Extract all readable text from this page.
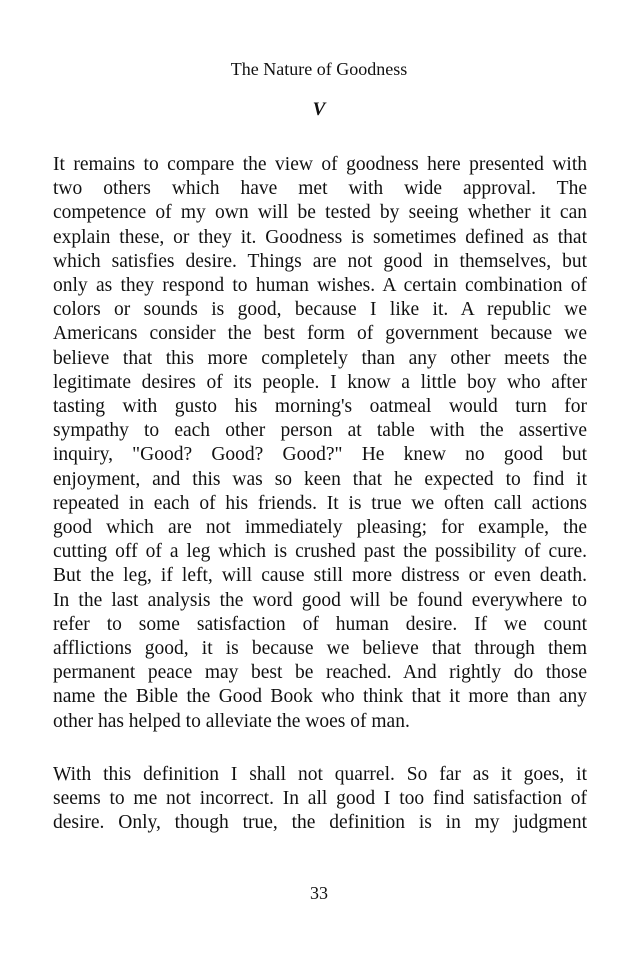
The Nature of Goodness
V

It remains to compare the view of goodness here presented with
two others which have met with wide approval. The
competence of my own will be tested by seeing whether it can
explain these, or they it. Goodness is sometimes defined as that
which satisfies desire. Things are not good in themselves, but
only as they respond to human wishes. A certain combination of
colors or sounds is good, because I like it. A republic we
Americans consider the best form of government because we
believe that this more completely than any other meets the
legitimate desires of its people. I know a little boy who after
tasting with gusto his morning's oatmeal would turn for
sympathy to each other person at table with the assertive
inquiry, "Good? Good? Good?" He knew no good but
enjoyment, and this was so keen that he expected to find it
repeated in each of his friends. It is true we often call actions
good which are not immediately pleasing; for example, the
cutting off of a leg which is crushed past the possibility of cure.
But the leg, if left, will cause still more distress or even death.
In the last analysis the word good will be found everywhere to
refer to some satisfaction of human desire. If we count
afflictions good, it is because we believe that through them
permanent peace may best be reached. And rightly do those
name the Bible the Good Book who think that it more than any
other has helped to alleviate the woes of man.

With this definition I shall not quarrel. So far as it goes, it
seems to me not incorrect. In all good I too find satisfaction of
desire. Only, though true, the definition is in my judgment

33
